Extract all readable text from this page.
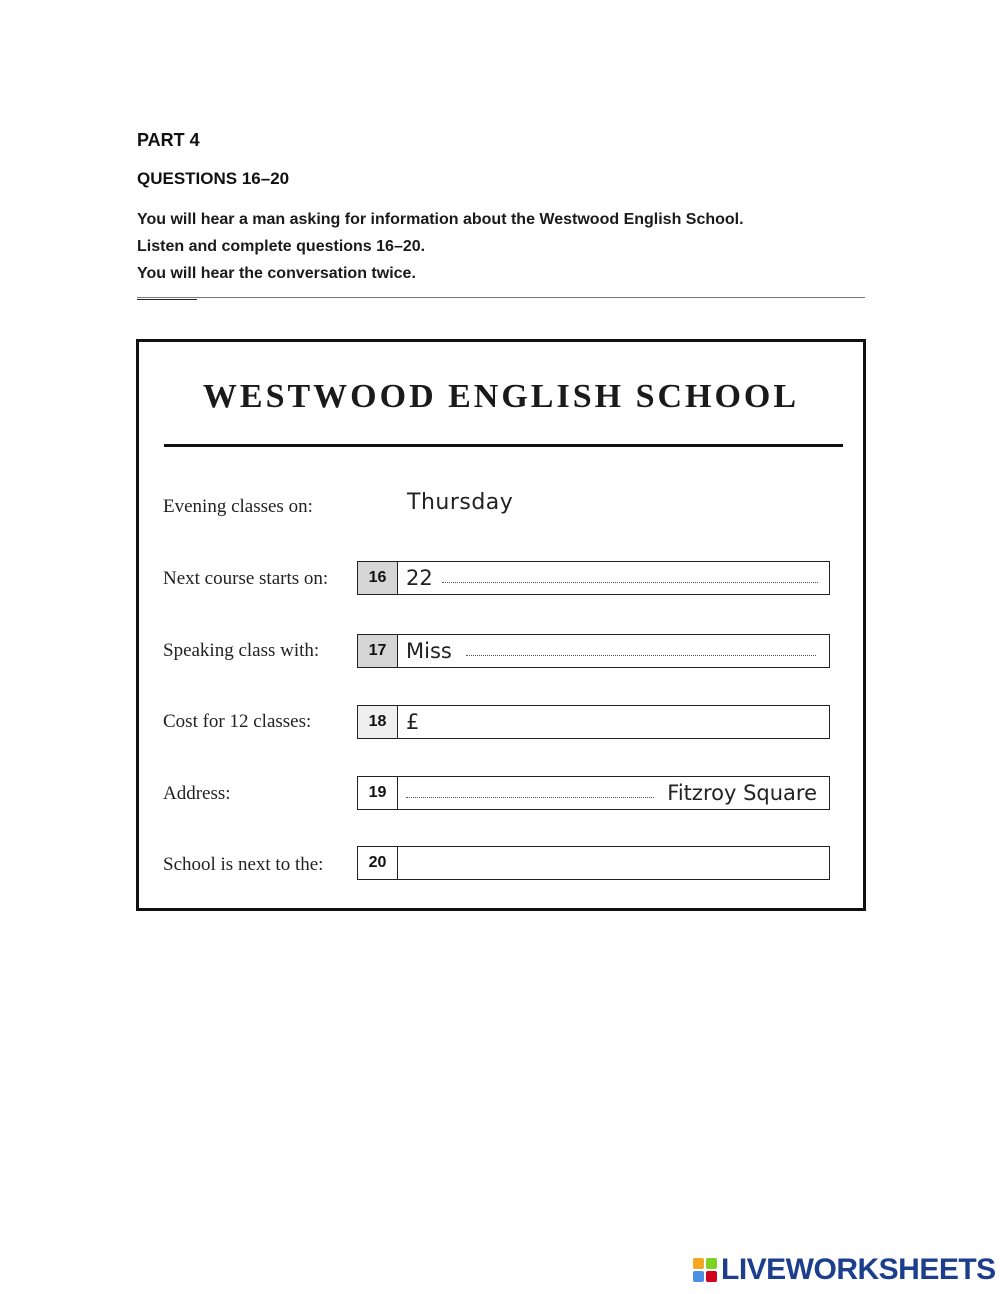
PART 4
QUESTIONS 16–20
You will hear a man asking for information about the Westwood English School.
Listen and complete questions 16–20.
You will hear the conversation twice.
WESTWOOD ENGLISH SCHOOL
Evening classes on:	Thursday
Next course starts on:	16 22
Speaking class with:	17 Miss
Cost for 12 classes:	18 £
Address:	19	Fitzroy Square
School is next to the:	20
LIVEWORKSHEETS
